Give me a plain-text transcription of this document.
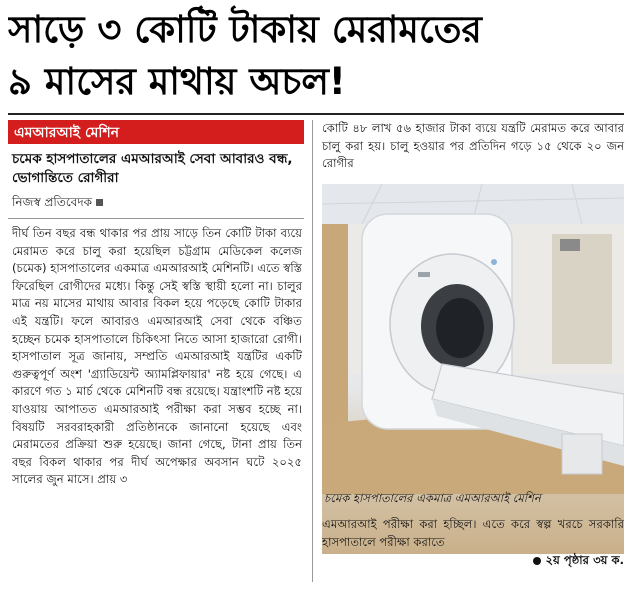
সাড়ে ৩ কোটি টাকায় মেরামতের
৯ মাসের মাথায় অচল!
এমআরআই মেশিন
চমেক হাসপাতালের এমআরআই সেবা আবারও বন্ধ, ভোগান্তিতে রোগীরা
নিজস্ব প্রতিবেদক
দীর্ঘ তিন বছর বন্ধ থাকার পর প্রায় সাড়ে তিন কোটি টাকা ব্যয়ে মেরামত করে চালু করা হয়েছিল চট্টগ্রাম মেডিকেল কলেজ (চমেক) হাসপাতালের একমাত্র এমআরআই মেশিনটি। এতে স্বস্তি ফিরেছিল রোগীদের মধ্যে। কিন্তু সেই স্বস্তি স্থায়ী হলো না। চালুর মাত্র নয় মাসের মাথায় আবার বিকল হয়ে পড়েছে কোটি টাকার এই যন্ত্রটি। ফলে আবারও এমআরআই সেবা থেকে বঞ্চিত হচ্ছেন চমেক হাসপাতালে চিকিৎসা নিতে আসা হাজারো রোগী। হাসপাতাল সূত্র জানায়, সম্প্রতি এমআরআই যন্ত্রটির একটি গুরুত্বপূর্ণ অংশ 'গ্র্যাডিয়েন্ট অ্যামপ্লিফায়ার' নষ্ট হয়ে গেছে। এ কারণে গত ১ মার্চ থেকে মেশিনটি বন্ধ রয়েছে। যন্ত্রাংশটি নষ্ট হয়ে যাওয়ায় আপাতত এমআরআই পরীক্ষা করা সম্ভব হচ্ছে না। বিষয়টি সরবরাহকারী প্রতিষ্ঠানকে জানানো হয়েছে এবং মেরামতের প্রক্রিয়া শুরু হয়েছে। জানা গেছে, টানা প্রায় তিন বছর বিকল থাকার পর দীর্ঘ অপেক্ষার অবসান ঘটে ২০২৫ সালের জুন মাসে। প্রায় ৩
কোটি ৪৮ লাখ ৫৬ হাজার টাকা ব্যয়ে যন্ত্রটি মেরামত করে আবার চালু করা হয়। চালু হওয়ার পর প্রতিদিন গড়ে ১৫ থেকে ২০ জন রোগীর
চমেক হাসপাতালের একমাত্র এমআরআই মেশিন
এমআরআই পরীক্ষা করা হচ্ছিল। এতে করে স্বল্প খরচে সরকারি হাসপাতালে পরীক্ষা করাতে
২য় পৃষ্ঠার ৩য় ক.
